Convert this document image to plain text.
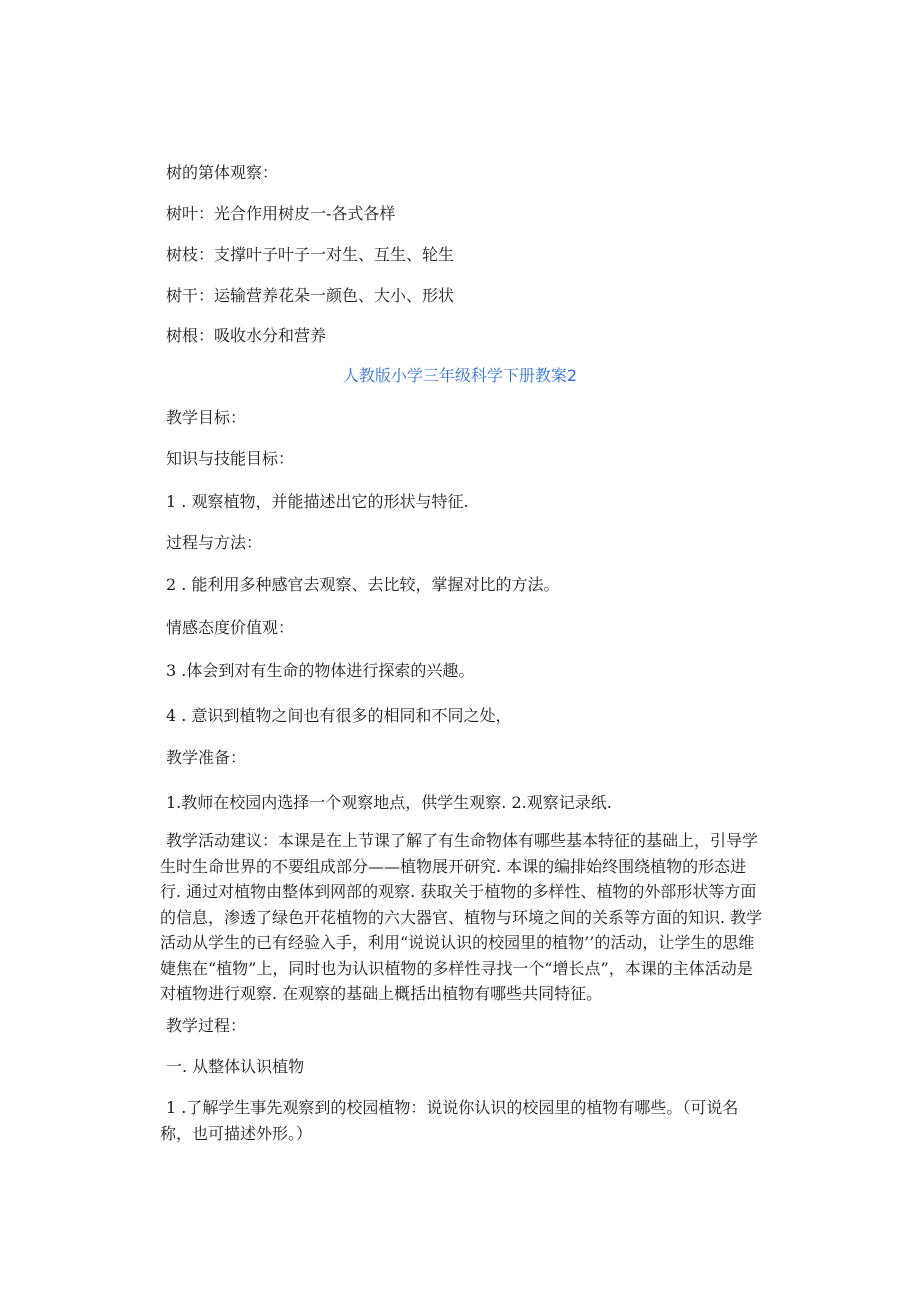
树的第体观察：

树叶：光合作用树皮一-各式各样

树枝：支撑叶子叶子一对生、互生、轮生

树干：运输营养花朵一颜色、大小、形状

树根：吸收水分和营养

人教版小学三年级科学下册教案2

教学目标：

知识与技能目标：

1 . 观察植物，并能描述出它的形状与特征.

过程与方法：

2 . 能利用多种感官去观察、去比较，掌握对比的方法。

情感态度价值观：

3 .体会到对有生命的物体进行探索的兴趣。

4 . 意识到植物之间也有很多的相同和不同之处，

教学准备：

1.教师在校园内选择一个观察地点，供学生观察. 2.观察记录纸.

教学活动建议：本课是在上节课了解了有生命物体有哪些基本特征的基础上，引导学生时生命世界的不要组成部分——植物展开研究. 本课的编排始终围绕植物的形态进行. 通过对植物由整体到网部的观察. 获取关于植物的多样性、植物的外部形状等方面的信息，渗透了绿色开花植物的六大器官、植物与环境之间的关系等方面的知识. 教学活动从学生的已有经验入手，利用“说说认识的校园里的植物’’的活动，让学生的思维婕焦在“植物”上，同时也为认识植物的多样性寻找一个“增长点”，本课的主体活动是对植物进行观察. 在观察的基础上概括出植物有哪些共同特征。

教学过程：

一. 从整体认识植物

1 .了解学生事先观察到的校园植物：说说你认识的校园里的植物有哪些。（可说名称，也可描述外形。）
